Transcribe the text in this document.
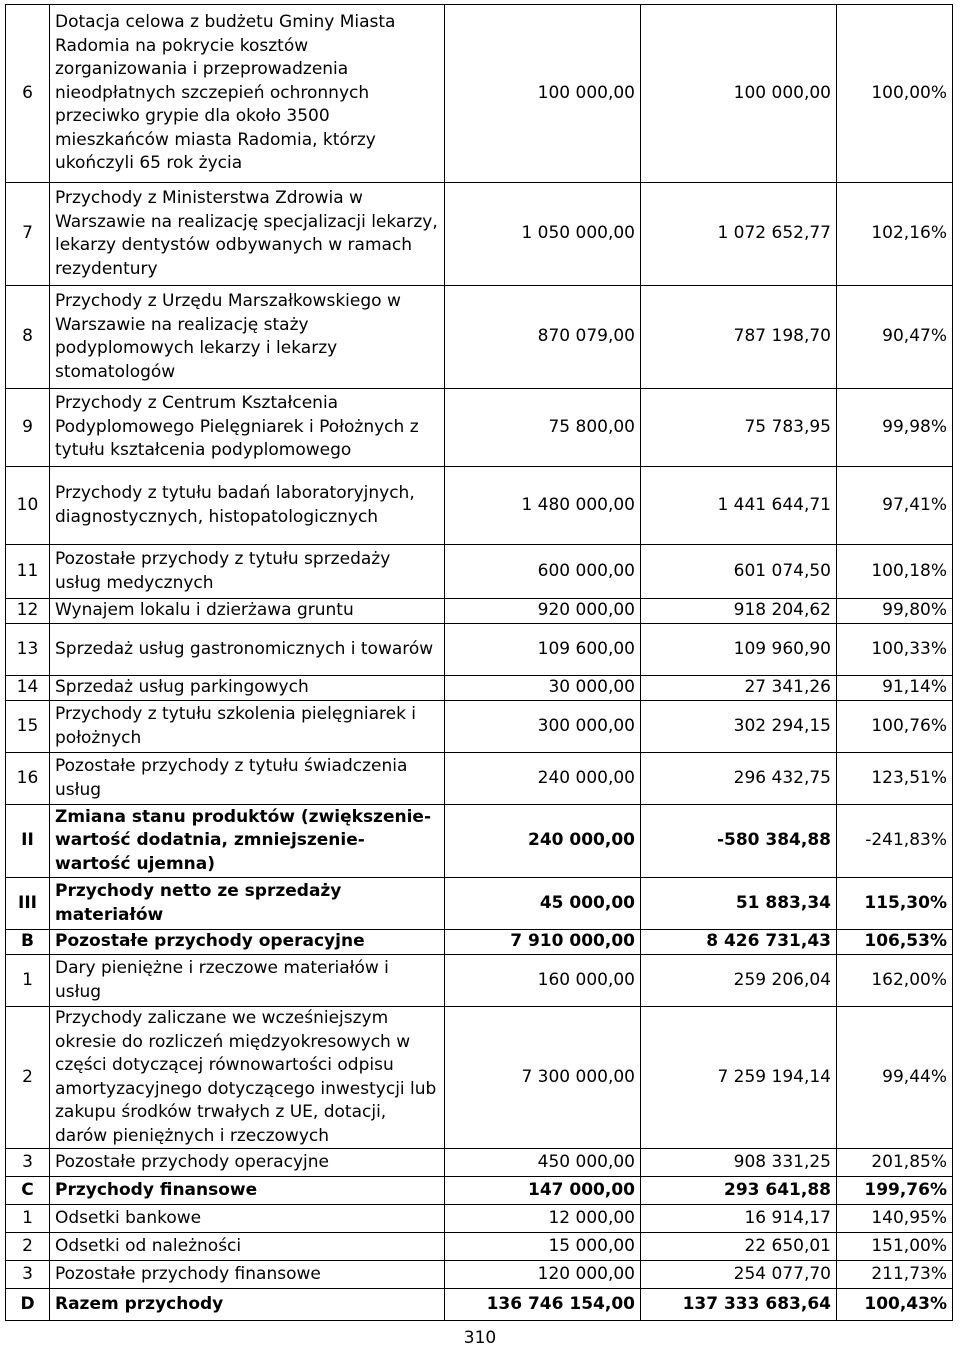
6	Dotacja celowa z budżetu Gminy Miasta Radomia na pokrycie kosztów zorganizowania i przeprowadzenia nieodpłatnych szczepień ochronnych przeciwko grypie dla około 3500 mieszkańców miasta Radomia, którzy ukończyli 65 rok życia	100 000,00	100 000,00	100,00%
7	Przychody z Ministerstwa Zdrowia w Warszawie na realizację specjalizacji lekarzy, lekarzy dentystów odbywanych w ramach rezydentury	1 050 000,00	1 072 652,77	102,16%
8	Przychody z Urzędu Marszałkowskiego w Warszawie na realizację staży podyplomowych lekarzy i lekarzy stomatologów	870 079,00	787 198,70	90,47%
9	Przychody z Centrum Kształcenia Podyplomowego Pielęgniarek i Położnych z tytułu kształcenia podyplomowego	75 800,00	75 783,95	99,98%
10	Przychody z tytułu badań laboratoryjnych, diagnostycznych, histopatologicznych	1 480 000,00	1 441 644,71	97,41%
11	Pozostałe przychody z tytułu sprzedaży usług medycznych	600 000,00	601 074,50	100,18%
12	Wynajem lokalu i dzierżawa gruntu	920 000,00	918 204,62	99,80%
13	Sprzedaż usług gastronomicznych i towarów	109 600,00	109 960,90	100,33%
14	Sprzedaż usług parkingowych	30 000,00	27 341,26	91,14%
15	Przychody z tytułu szkolenia pielęgniarek i położnych	300 000,00	302 294,15	100,76%
16	Pozostałe przychody z tytułu świadczenia usług	240 000,00	296 432,75	123,51%
II	Zmiana stanu produktów (zwiększenie-wartość dodatnia, zmniejszenie-wartość ujemna)	240 000,00	-580 384,88	-241,83%
III	Przychody netto ze sprzedaży materiałów	45 000,00	51 883,34	115,30%
B	Pozostałe przychody operacyjne	7 910 000,00	8 426 731,43	106,53%
1	Dary pieniężne i rzeczowe materiałów i usług	160 000,00	259 206,04	162,00%
2	Przychody zaliczane we wcześniejszym okresie do rozliczeń międzyokresowych w części dotyczącej równowartości odpisu amortyzacyjnego dotyczącego inwestycji lub zakupu środków trwałych z UE, dotacji, darów pieniężnych i rzeczowych	7 300 000,00	7 259 194,14	99,44%
3	Pozostałe przychody operacyjne	450 000,00	908 331,25	201,85%
C	Przychody finansowe	147 000,00	293 641,88	199,76%
1	Odsetki bankowe	12 000,00	16 914,17	140,95%
2	Odsetki od należności	15 000,00	22 650,01	151,00%
3	Pozostałe przychody finansowe	120 000,00	254 077,70	211,73%
D	Razem przychody	136 746 154,00	137 333 683,64	100,43%
310
